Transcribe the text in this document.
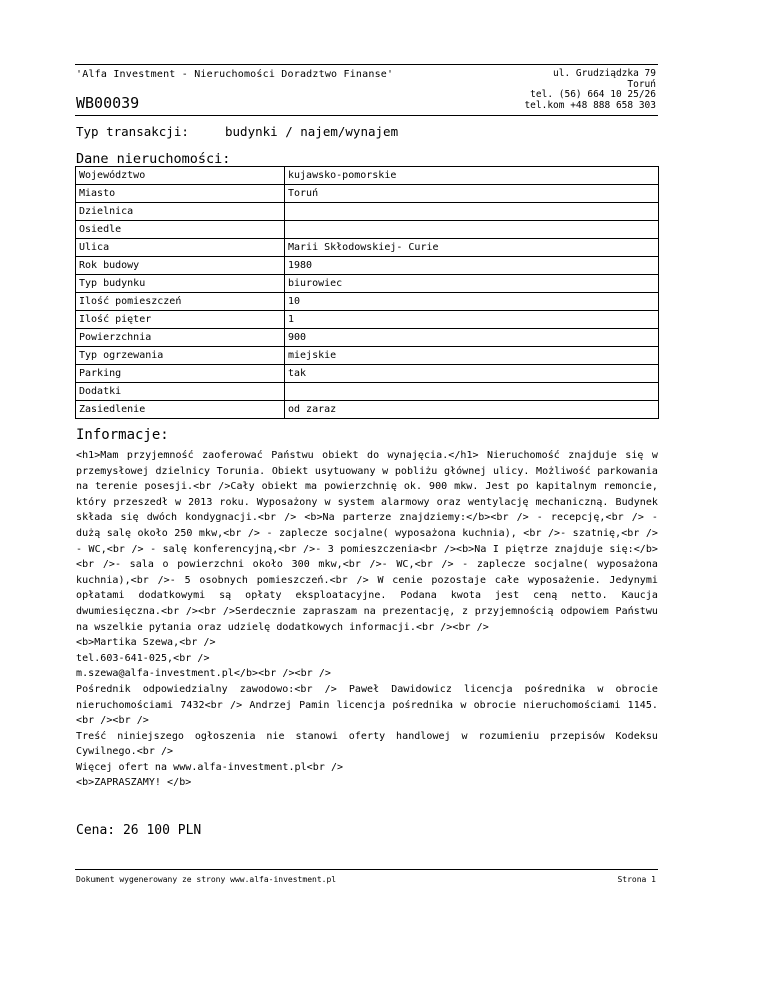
'Alfa Investment - Nieruchomości Doradztwo Finanse'	ul. Grudziądzka 79
Toruń
tel. (56) 664 10 25/26
tel.kom +48 888 658 303
WB00039
Typ transakcji:	budynki / najem/wynajem
Dane nieruchomości:
Województwo	kujawsko-pomorskie
Miasto	Toruń
Dzielnica	
Osiedle	
Ulica	Marii Skłodowskiej- Curie
Rok budowy	1980
Typ budynku	biurowiec
Ilość pomieszczeń	10
Ilość pięter	1
Powierzchnia	900
Typ ogrzewania	miejskie
Parking	tak
Dodatki	
Zasiedlenie	od zaraz
Informacje:
<h1>Mam przyjemność zaoferować Państwu obiekt do wynajęcia.</h1> Nieruchomość znajduje się w przemysłowej dzielnicy Torunia. Obiekt usytuowany w pobliżu głównej ulicy. Możliwość parkowania na terenie posesji.<br />Cały obiekt ma powierzchnię ok. 900 mkw. Jest po kapitalnym remoncie, który przeszedł w 2013 roku. Wyposażony w system alarmowy oraz wentylację mechaniczną. Budynek składa się dwóch kondygnacji.<br /> <b>Na parterze znajdziemy:</b><br /> - recepcję,<br /> - dużą salę około 250 mkw,<br /> - zaplecze socjalne( wyposażona kuchnia), <br />- szatnię,<br /> - WC,<br /> - salę konferencyjną,<br />- 3 pomieszczenia<br /><b>Na I piętrze znajduje się:</b><br />- sala o powierzchni około 300 mkw,<br />- WC,<br /> - zaplecze socjalne( wyposażona kuchnia),<br />- 5 osobnych pomieszczeń.<br /> W cenie pozostaje całe wyposażenie. Jedynymi opłatami dodatkowymi są opłaty eksploatacyjne. Podana kwota jest ceną netto. Kaucja dwumiesięczna.<br /><br />Serdecznie zapraszam na prezentację, z przyjemnością odpowiem Państwu na wszelkie pytania oraz udzielę dodatkowych informacji.<br /><br />
<b>Martika Szewa,<br />
tel.603-641-025,<br />
m.szewa@alfa-investment.pl</b><br /><br />
Pośrednik odpowiedzialny zawodowo:<br /> Paweł Dawidowicz licencja pośrednika w obrocie nieruchomościami 7432<br /> Andrzej Pamin licencja pośrednika w obrocie nieruchomościami 1145.<br /><br />
Treść niniejszego ogłoszenia nie stanowi oferty handlowej w rozumieniu przepisów Kodeksu Cywilnego.<br />
Więcej ofert na www.alfa-investment.pl<br />
<b>ZAPRASZAMY! </b>
Cena: 26 100 PLN
Dokument wygenerowany ze strony www.alfa-investment.pl	Strona 1
